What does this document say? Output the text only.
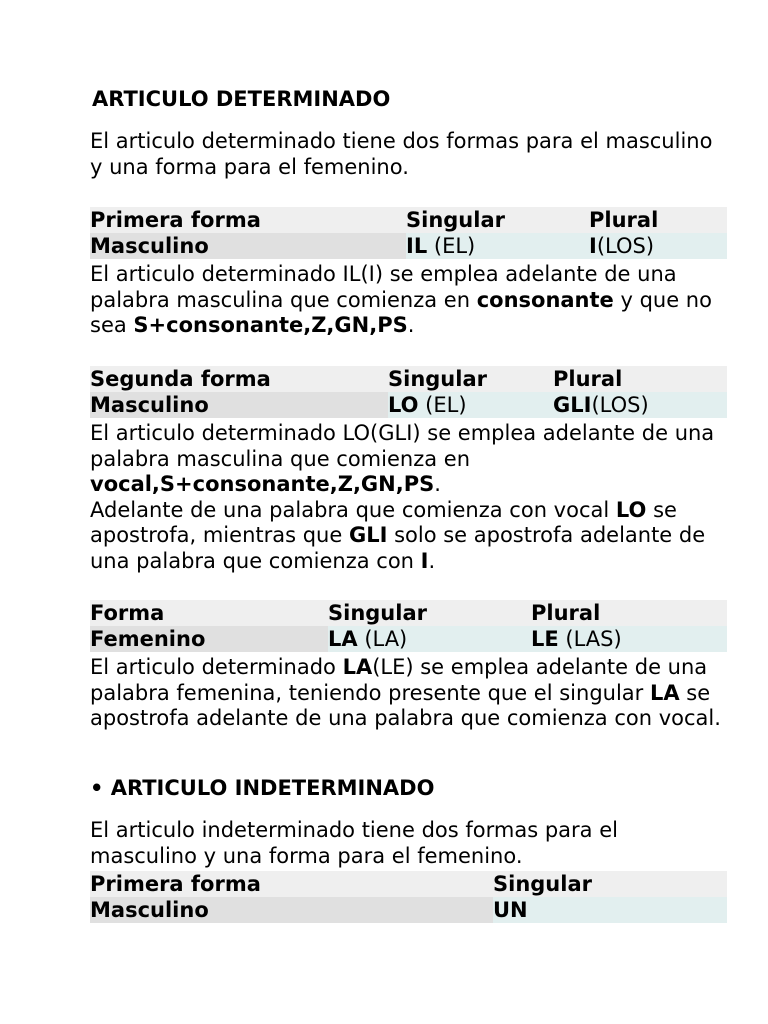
ARTICULO DETERMINADO

El articulo determinado tiene dos formas para el masculino y una forma para el femenino.

Primera forma	Singular	Plural
Masculino	IL (EL)	I(LOS)

El articulo determinado IL(I) se emplea adelante de una palabra masculina que comienza en consonante y que no sea S+consonante,Z,GN,PS.

Segunda forma	Singular	Plural
Masculino	LO (EL)	GLI(LOS)

El articulo determinado LO(GLI) se emplea adelante de una palabra masculina que comienza en vocal,S+consonante,Z,GN,PS.
Adelante de una palabra que comienza con vocal LO se apostrofa, mientras que GLI solo se apostrofa adelante de una palabra que comienza con I.

Forma	Singular	Plural
Femenino	LA (LA)	LE (LAS)

El articulo determinado LA(LE) se emplea adelante de una palabra femenina, teniendo presente que el singular LA se apostrofa adelante de una palabra que comienza con vocal.

• ARTICULO INDETERMINADO

El articulo indeterminado tiene dos formas para el masculino y una forma para el femenino.

Primera forma	Singular
Masculino	UN
